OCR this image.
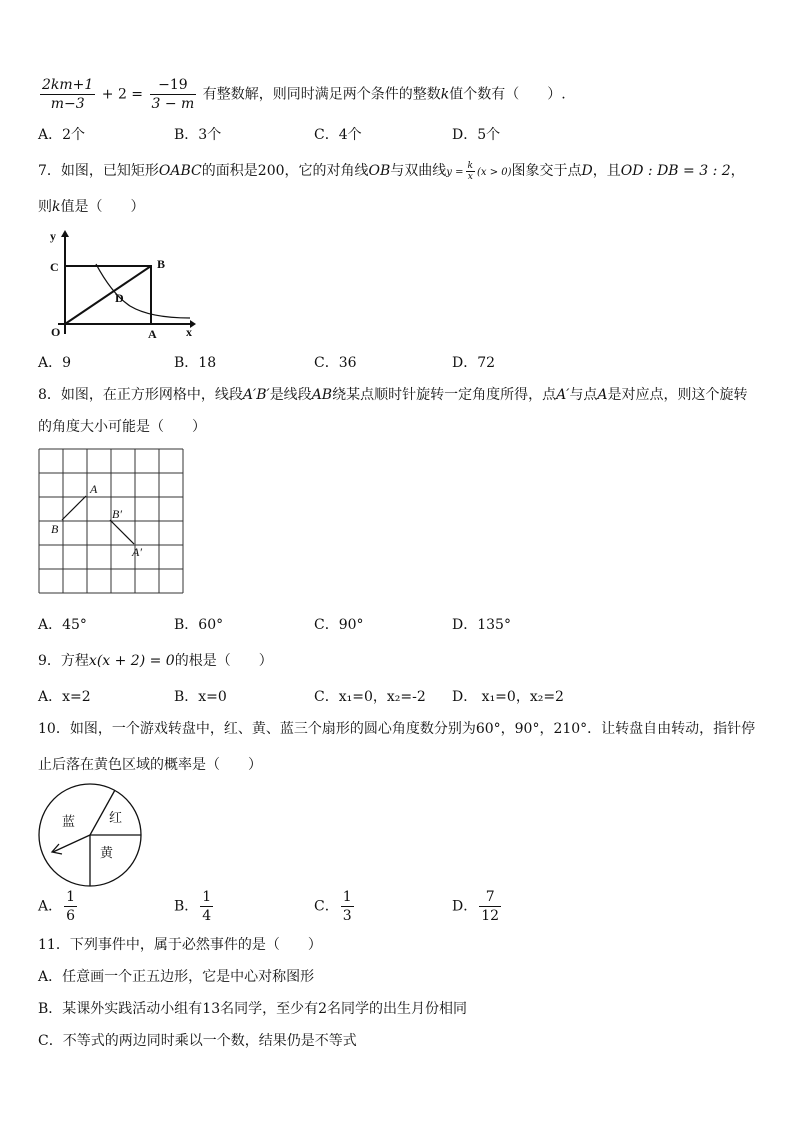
$\frac{2km+1}{m-3} + 2 = \frac{-19}{3 - m}$ 有整数解，则同时满足两个条件的整数k值个数有（　　）.
A．2个	B．3个	C．4个	D．5个
7．如图，已知矩形OABC的面积是200，它的对角线OB与双曲线$y = \frac{k}{x} (x > 0)$图象交于点D，且OD : DB = 3 : 2，
则k值是（　　）
y
C	B
D
O	A x
A．9	B．18	C．36	D．72
8．如图，在正方形网格中，线段A′B′是线段AB绕某点顺时针旋转一定角度所得，点A′与点A是对应点，则这个旋转
的角度大小可能是（　　）
A
B
B′
A′
A．45°	B．60°	C．90°	D．135°
9．方程x(x + 2) = 0的根是（　　）
A．x=2	B．x=0	C．x₁=0，x₂=-2 D． x₁=0，x₂=2
10．如图，一个游戏转盘中，红、黄、蓝三个扇形的圆心角度数分别为60°，90°，210°．让转盘自由转动，指针停
止后落在黄色区域的概率是（　　）
蓝	红
黄
A． $\frac{1}{6}$	B． $\frac{1}{4}$	C． $\frac{1}{3}$	D． $\frac{7}{12}$
11．下列事件中，属于必然事件的是（　　）
A．任意画一个正五边形，它是中心对称图形
B．某课外实践活动小组有13名同学，至少有2名同学的出生月份相同
C．不等式的两边同时乘以一个数，结果仍是不等式
